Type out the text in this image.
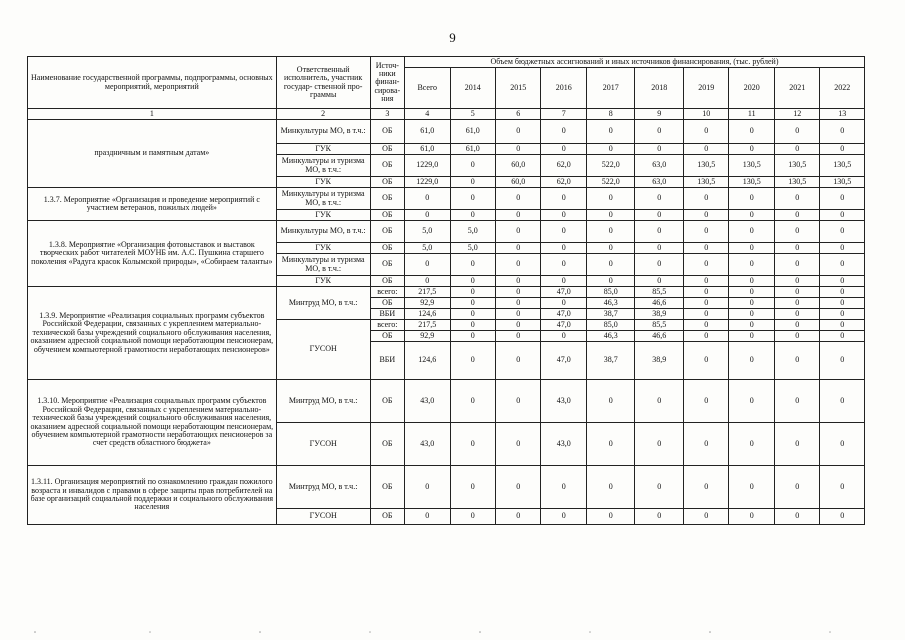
9
Наименование государственной программы, подпрограммы, основных мероприятий, мероприятий	Ответственный исполнитель, участник государ- ственной про- граммы	Источ- ники финан- сирова- ния	Объем бюджетных ассигнований и иных источников финансирования, (тыс. рублей)									
			Всего	2014	2015	2016	2017	2018	2019	2020	2021	2022
1	2	3	4	5	6	7	8	9	10	11	12	13
праздничным и памятным датам»	Минкультуры МО, в т.ч.:	ОБ	61,0	61,0	0	0	0	0	0	0	0	0
	ГУК	ОБ	61,0	61,0	0	0	0	0	0	0	0	0
	Минкультуры и туризма МО, в т.ч.:	ОБ	1229,0	0	60,0	62,0	522,0	63,0	130,5	130,5	130,5	130,5
	ГУК	ОБ	1229,0	0	60,0	62,0	522,0	63,0	130,5	130,5	130,5	130,5
1.3.7. Мероприятие «Организация и проведение мероприятий с участием ветеранов, пожилых людей»	Минкультуры и туризма МО, в т.ч.:	ОБ	0	0	0	0	0	0	0	0	0	0
	ГУК	ОБ	0	0	0	0	0	0	0	0	0	0
1.3.8. Мероприятие «Организация фотовыставок и выставок творческих работ читателей МОУНБ им. А.С. Пушкина старшего поколения «Радуга красок Колымской природы», «Собираем таланты»	Минкультуры МО, в т.ч.:	ОБ	5,0	5,0	0	0	0	0	0	0	0	0
	ГУК	ОБ	5,0	5,0	0	0	0	0	0	0	0	0
	Минкультуры и туризма МО, в т.ч.:	ОБ	0	0	0	0	0	0	0	0	0	0
	ГУК	ОБ	0	0	0	0	0	0	0	0	0	0
1.3.9. Мероприятие «Реализация социальных программ субъектов Российской Федерации, связанных с укреплением материально-технической базы учреждений социального обслуживания населения, оказанием адресной социальной помощи неработающим пенсионерам, обучением компьютерной грамотности неработающих пенсионеров»	Минтруд МО, в т.ч.:	всего:	217,5	0	0	47,0	85,0	85,5	0	0	0	0
		ОБ	92,9	0	0	0	46,3	46,6	0	0	0	0
		ВБИ	124,6	0	0	47,0	38,7	38,9	0	0	0	0
	ГУСОН	всего:	217,5	0	0	47,0	85,0	85,5	0	0	0	0
		ОБ	92,9	0	0	0	46,3	46,6	0	0	0	0
		ВБИ	124,6	0	0	47,0	38,7	38,9	0	0	0	0
1.3.10. Мероприятие «Реализация социальных программ субъектов Российской Федерации, связанных с укреплением материально-технической базы учреждений социального обслуживания населения, оказанием адресной социальной помощи неработающим пенсионерам, обучением компьютерной грамотности неработающих пенсионеров за счет средств областного бюджета»	Минтруд МО, в т.ч.:	ОБ	43,0	0	0	43,0	0	0	0	0	0	0
	ГУСОН	ОБ	43,0	0	0	43,0	0	0	0	0	0	0
1.3.11. Организация мероприятий по ознакомлению граждан пожилого возраста и инвалидов с правами в сфере защиты прав потребителей на базе организаций социальной поддержки и социального обслуживания населения	Минтруд МО, в т.ч.:	ОБ	0	0	0	0	0	0	0	0	0	0
	ГУСОН	ОБ	0	0	0	0	0	0	0	0	0	0
